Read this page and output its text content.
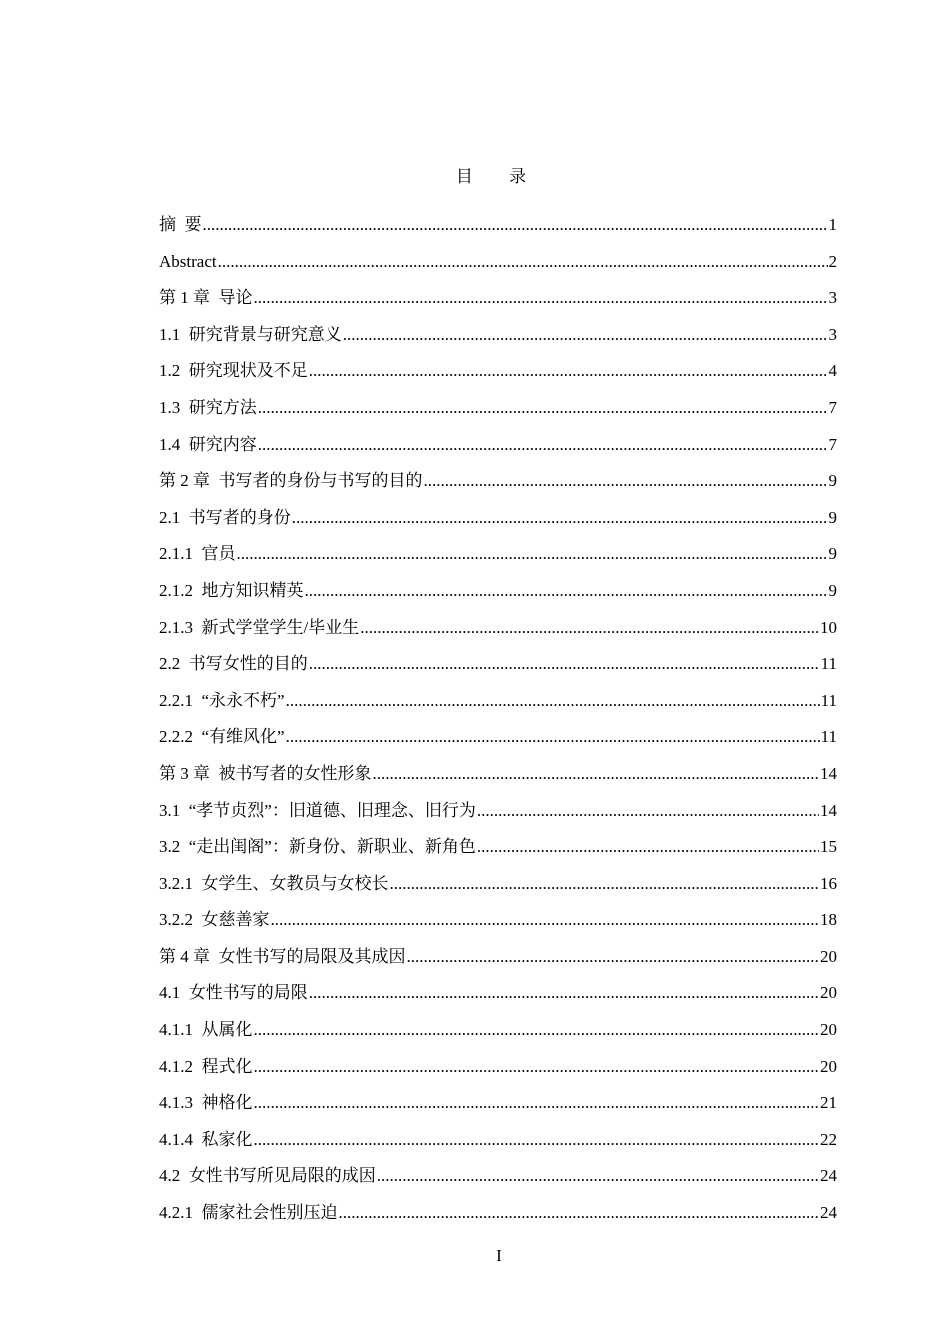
目 录
摘  要 .....	1
Abstract .....	2
第 1 章  导论 .....	3
1.1  研究背景与研究意义 .....	3
1.2  研究现状及不足 .....	4
1.3  研究方法 .....	7
1.4  研究内容 .....	7
第 2 章  书写者的身份与书写的目的 .....	9
2.1  书写者的身份 .....	9
2.1.1  官员 .....	9
2.1.2  地方知识精英 .....	9
2.1.3  新式学堂学生/毕业生 .....	10
2.2  书写女性的目的 .....	11
2.2.1  “永永不朽” .....	11
2.2.2  “有维风化” .....	11
第 3 章  被书写者的女性形象 .....	14
3.1  “孝节贞烈”：旧道德、旧理念、旧行为 .....	14
3.2  “走出闺阁”：新身份、新职业、新角色 .....	15
3.2.1  女学生、女教员与女校长 .....	16
3.2.2  女慈善家 .....	18
第 4 章  女性书写的局限及其成因 .....	20
4.1  女性书写的局限 .....	20
4.1.1  从属化 .....	20
4.1.2  程式化 .....	20
4.1.3  神格化 .....	21
4.1.4  私家化 .....	22
4.2  女性书写所见局限的成因 .....	24
4.2.1  儒家社会性别压迫 .....	24
I
